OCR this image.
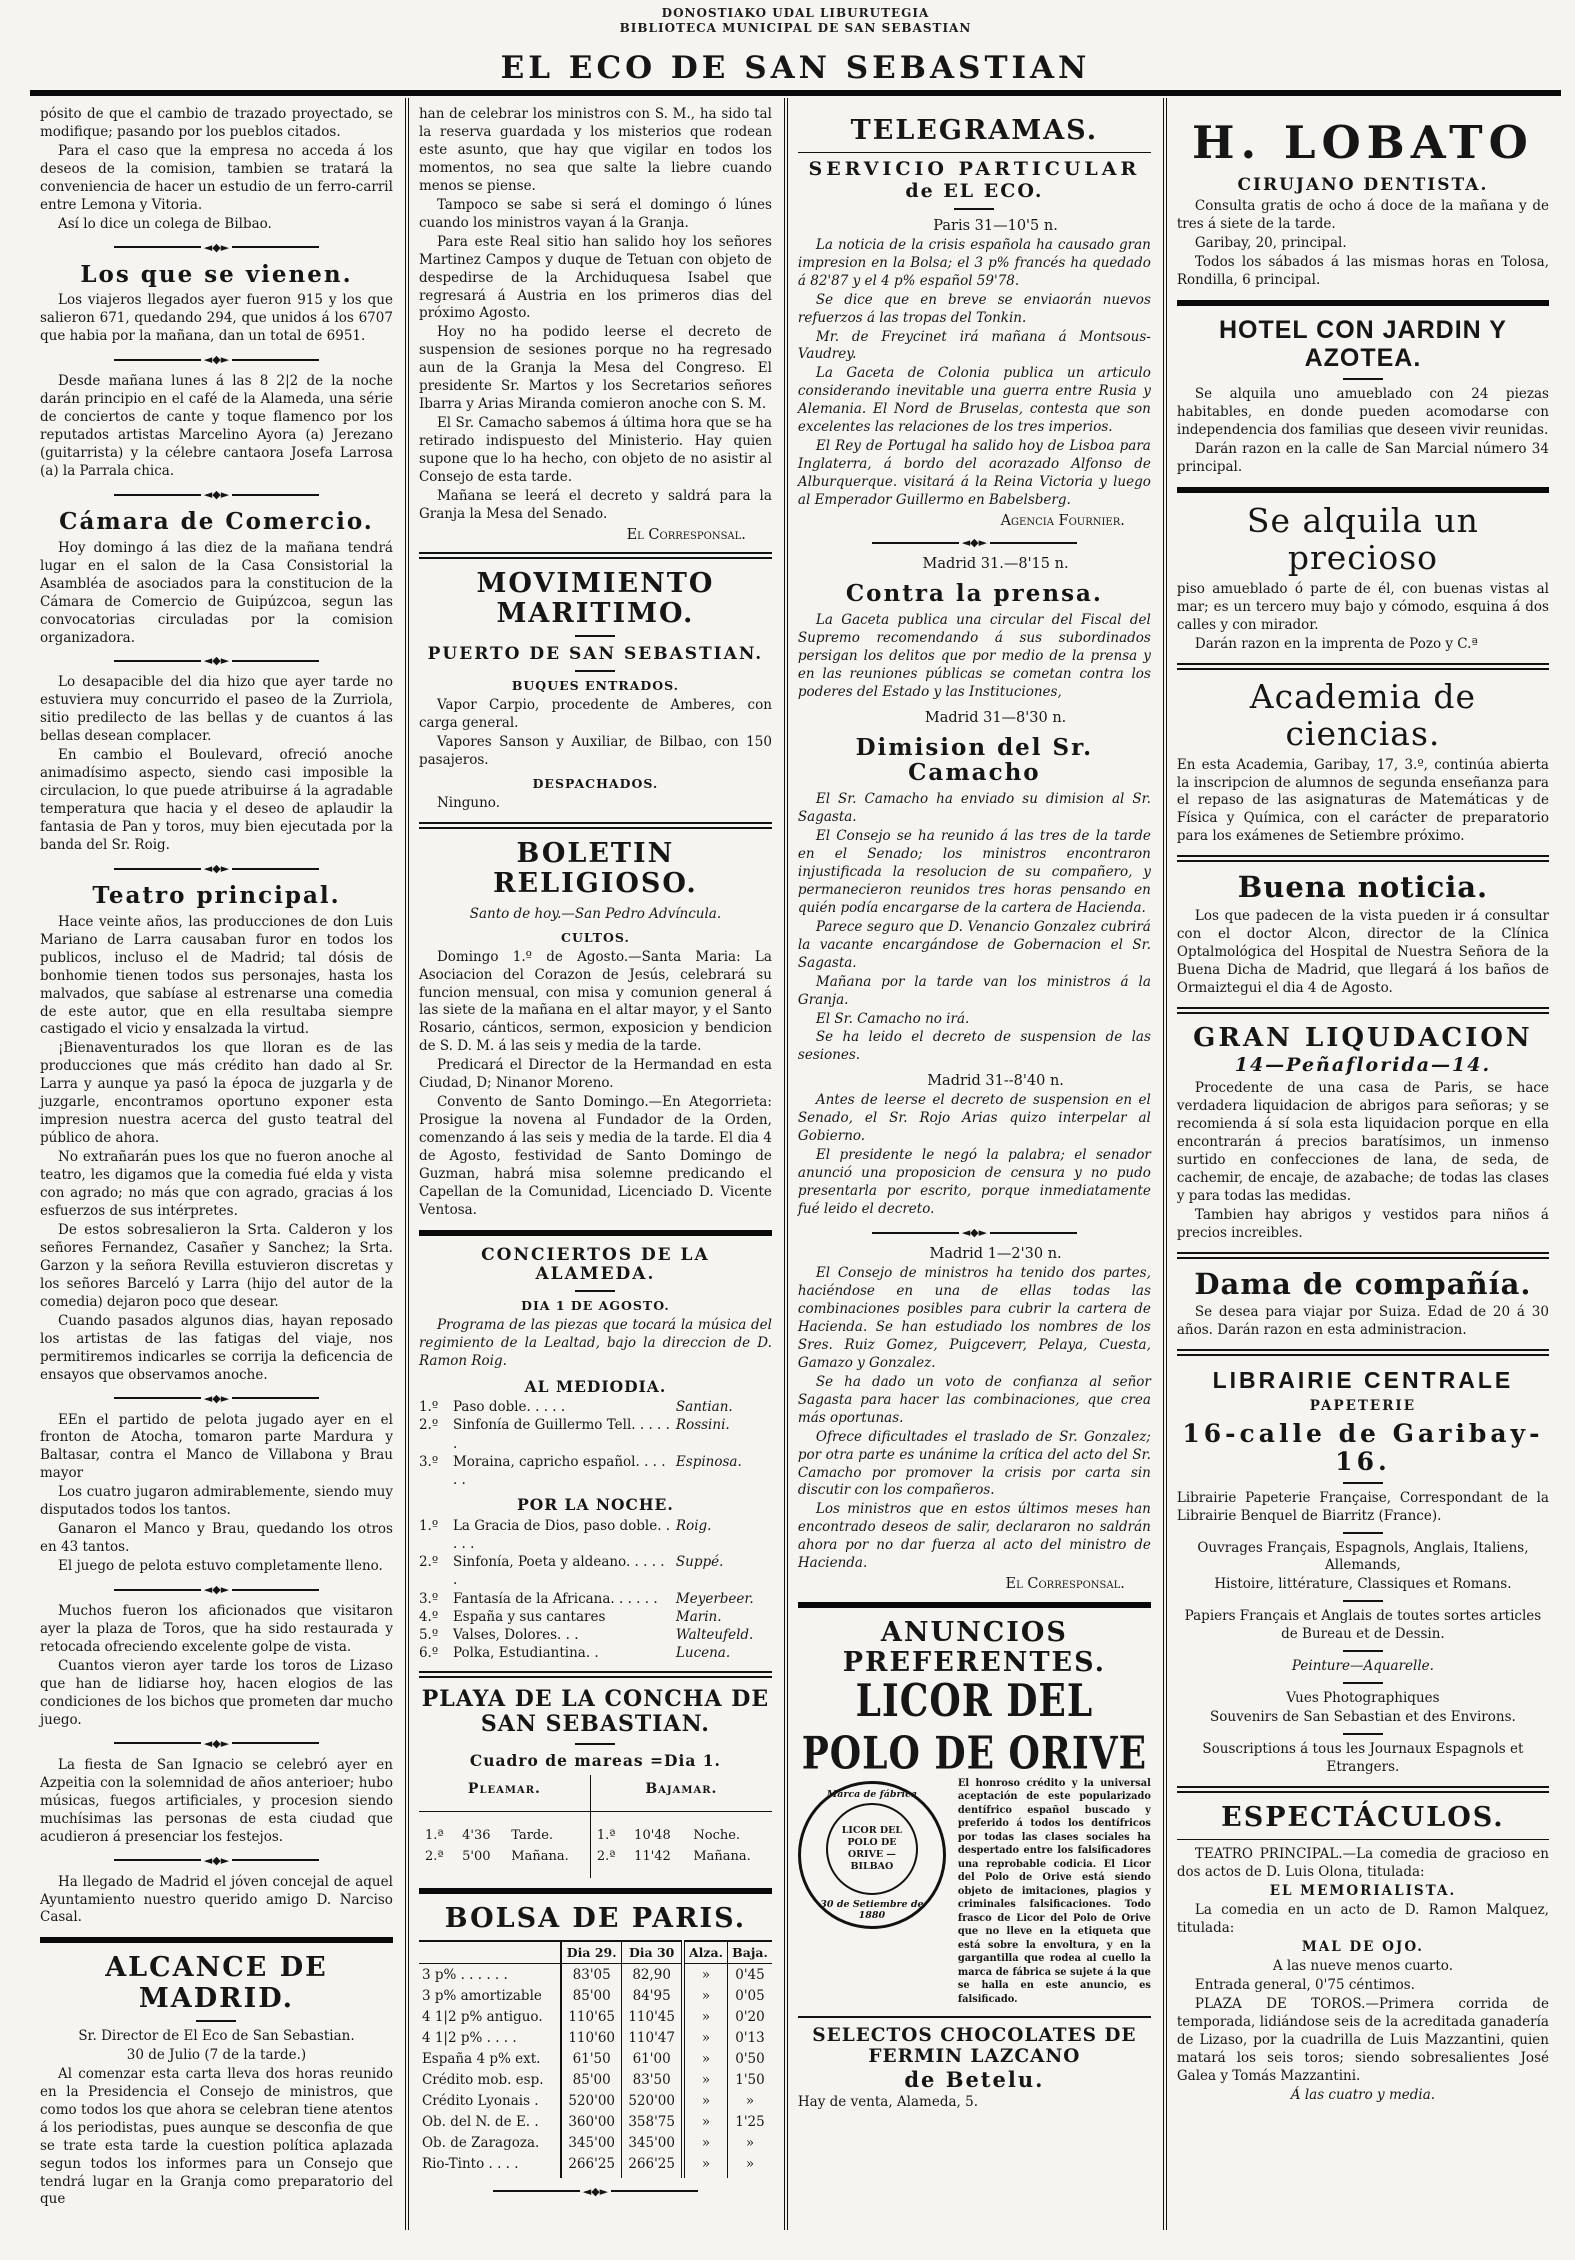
DONOSTIAKO UDAL LIBURUTEGIA
BIBLIOTECA MUNICIPAL DE SAN SEBASTIAN
EL ECO DE SAN SEBASTIAN

pósito de que el cambio de trazado proyectado, se modifique; pasando por los pueblos citados.

Para el caso que la empresa no acceda á los deseos de la comision, tambien se tratará la conveniencia de hacer un estudio de un ferro-carril entre Lemona y Vitoria.

Así lo dice un colega de Bilbao.

◄◆►
Los que se vienen.

Los viajeros llegados ayer fueron 915 y los que salieron 671, quedando 294, que unidos á los 6707 que habia por la mañana, dan un total de 6951.

◄◆►

Desde mañana lunes á las 8 2|2 de la noche darán principio en el café de la Alameda, una série de conciertos de cante y toque flamenco por los reputados artistas Marcelino Ayora (a) Jerezano (guitarrista) y la célebre cantaora Josefa Larrosa (a) la Parrala chica.

◄◆►
Cámara de Comercio.

Hoy domingo á las diez de la mañana tendrá lugar en el salon de la Casa Consistorial la Asambléa de asociados para la constitucion de la Cámara de Comercio de Guipúzcoa, segun las convocatorias circuladas por la comision organizadora.

◄◆►

Lo desapacible del dia hizo que ayer tarde no estuviera muy concurrido el paseo de la Zurriola, sitio predilecto de las bellas y de cuantos á las bellas desean complacer.

En cambio el Boulevard, ofreció anoche animadísimo aspecto, siendo casi imposible la circulacion, lo que puede atribuirse á la agradable temperatura que hacia y el deseo de aplaudir la fantasia de Pan y toros, muy bien ejecutada por la banda del Sr. Roig.

◄◆►
Teatro principal.

Hace veinte años, las producciones de don Luis Mariano de Larra causaban furor en todos los publicos, incluso el de Madrid; tal dósis de bonhomie tienen todos sus personajes, hasta los malvados, que sabíase al estrenarse una comedia de este autor, que en ella resultaba siempre castigado el vicio y ensalzada la virtud.

¡Bienaventurados los que lloran es de las producciones que más crédito han dado al Sr. Larra y aunque ya pasó la época de juzgarla y de juzgarle, encontramos oportuno exponer esta impresion nuestra acerca del gusto teatral del público de ahora.

No extrañarán pues los que no fueron anoche al teatro, les digamos que la comedia fué elda y vista con agrado; no más que con agrado, gracias á los esfuerzos de sus intérpretes.

De estos sobresalieron la Srta. Calderon y los señores Fernandez, Casañer y Sanchez; la Srta. Garzon y la señora Revilla estuvieron discretas y los señores Barceló y Larra (hijo del autor de la comedia) dejaron poco que desear.

Cuando pasados algunos dias, hayan reposado los artistas de las fatigas del viaje, nos permitiremos indicarles se corrija la deficencia de ensayos que observamos anoche.

◄◆►

EEn el partido de pelota jugado ayer en el fronton de Atocha, tomaron parte Mardura y Baltasar, contra el Manco de Villabona y Brau mayor

Los cuatro jugaron admirablemente, siendo muy disputados todos los tantos.

Ganaron el Manco y Brau, quedando los otros en 43 tantos.

El juego de pelota estuvo completamente lleno.

◄◆►

Muchos fueron los aficionados que visitaron ayer la plaza de Toros, que ha sido restaurada y retocada ofreciendo excelente golpe de vista.

Cuantos vieron ayer tarde los toros de Lizaso que han de lidiarse hoy, hacen elogios de las condiciones de los bichos que prometen dar mucho juego.

◄◆►

La fiesta de San Ignacio se celebró ayer en Azpeitia con la solemnidad de años anterioer; hubo músicas, fuegos artificiales, y procesion siendo muchísimas las personas de esta ciudad que acudieron á presenciar los festejos.

◄◆►

Ha llegado de Madrid el jóven concejal de aquel Ayuntamiento nuestro querido amigo D. Narciso Casal.

ALCANCE DE MADRID.

Sr. Director de El Eco de San Sebastian.

30 de Julio (7 de la tarde.)

Al comenzar esta carta lleva dos horas reunido en la Presidencia el Consejo de ministros, que como todos los que ahora se celebran tiene atentos á los periodistas, pues aunque se desconfia de que se trate esta tarde la cuestion política aplazada segun todos los informes para un Consejo que tendrá lugar en la Granja como preparatorio del que

han de celebrar los ministros con S. M., ha sido tal la reserva guardada y los misterios que rodean este asunto, que hay que vigilar en todos los momentos, no sea que salte la liebre cuando menos se piense.

Tampoco se sabe si será el domingo ó lúnes cuando los ministros vayan á la Granja.

Para este Real sitio han salido hoy los señores Martinez Campos y duque de Tetuan con objeto de despedirse de la Archiduquesa Isabel que regresará á Austria en los primeros dias del próximo Agosto.

Hoy no ha podido leerse el decreto de suspension de sesiones porque no ha regresado aun de la Granja la Mesa del Congreso. El presidente Sr. Martos y los Secretarios señores Ibarra y Arias Miranda comieron anoche con S. M.

El Sr. Camacho sabemos á última hora que se ha retirado indispuesto del Ministerio. Hay quien supone que lo ha hecho, con objeto de no asistir al Consejo de esta tarde.

Mañana se leerá el decreto y saldrá para la Granja la Mesa del Senado.

El Corresponsal.
MOVIMIENTO MARITIMO.
PUERTO DE SAN SEBASTIAN.
BUQUES ENTRADOS.

Vapor Carpio, procedente de Amberes, con carga general.

Vapores Sanson y Auxiliar, de Bilbao, con 150 pasajeros.

DESPACHADOS.

Ninguno.

BOLETIN RELIGIOSO.

Santo de hoy.—San Pedro Advíncula.

CULTOS.

Domingo 1.º de Agosto.—Santa Maria: La Asociacion del Corazon de Jesús, celebrará su funcion mensual, con misa y comunion general á las siete de la mañana en el altar mayor, y el Santo Rosario, cánticos, sermon, exposicion y bendicion de S. D. M. á las seis y media de la tarde.

Predicará el Director de la Hermandad en esta Ciudad, D; Ninanor Moreno.

Convento de Santo Domingo.—En Ategorrieta: Prosigue la novena al Fundador de la Orden, comenzando á las seis y media de la tarde. El dia 4 de Agosto, festividad de Santo Domingo de Guzman, habrá misa solemne predicando el Capellan de la Comunidad, Licenciado D. Vicente Ventosa.

CONCIERTOS DE LA ALAMEDA.
DIA 1 DE AGOSTO.

Programa de las piezas que tocará la música del regimiento de la Lealtad, bajo la direccion de D. Ramon Roig.

AL MEDIODIA.
1.º	Paso doble. . . . .	Santian.
2.º	Sinfonía de Guillermo Tell. . . . . .
Rossini.
3.º	Moraina, capricho español. . . . . .
Espinosa.
POR LA NOCHE.
1.º	La Gracia de Dios, paso doble. . . . .
Roig.
2.º	Sinfonía, Poeta y aldeano. . . . . .
Suppé.
3.º	Fantasía de la Africana. . . . . .	Meyerbeer.
4.º	España y sus cantares	Marin.
5.º	Valses, Dolores. . .	Walteufeld.
6.º	Polka, Estudiantina. .	Lucena.
PLAYA DE LA CONCHA DE SAN SEBASTIAN.
Cuadro de mareas =Dia 1.
Pleamar.			Bajamar.		
1.ª	4'36	Tarde.	1.ª	10'48	Noche.
2.ª	5'00	Mañana.	2.ª	11'42	Mañana.
BOLSA DE PARIS.
	Dia 29.	Dia 30	Alza.	Baja.
3 p% . . . . . .	83'05	82,90	»	0'45
3 p% amortizable	85'00	84'95	»	0'05
4 1|2 p% antiguo.	110'65	110'45	»	0'20
4 1|2 p% . . . .	110'60	110'47	»	0'13
España 4 p% ext.	61'50	61'00	»	0'50
Crédito mob. esp.	85'00	83'50	»	1'50
Crédito Lyonais .	520'00	520'00	»	»
Ob. del N. de E. .	360'00	358'75	»	1'25
Ob. de Zaragoza.	345'00	345'00	»	»
Rio-Tinto . . . .	266'25	266'25	»	»
◄◆►
TELEGRAMAS.
SERVICIO PARTICULAR
de EL ECO.
Paris 31—10'5 n.

La noticia de la crisis española ha causado gran impresion en la Bolsa; el 3 p% francés ha quedado á 82'87 y el 4 p% español 59'78.

Se dice que en breve se enviaorán nuevos refuerzos á las tropas del Tonkin.

Mr. de Freycinet irá mañana á Montsous-Vaudrey.

La Gaceta de Colonia publica un articulo considerando inevitable una guerra entre Rusia y Alemania. El Nord de Bruselas, contesta que son excelentes las relaciones de los tres imperios.

El Rey de Portugal ha salido hoy de Lisboa para Inglaterra, á bordo del acorazado Alfonso de Alburquerque. visitará á la Reina Victoria y luego al Emperador Guillermo en Babelsberg.

Agencia Fournier.
◄◆►
Madrid 31.—8'15 n.
Contra la prensa.

La Gaceta publica una circular del Fiscal del Supremo recomendando á sus subordinados persigan los delitos que por medio de la prensa y en las reuniones públicas se cometan contra los poderes del Estado y las Instituciones,

Madrid 31—8'30 n.
Dimision del Sr. Camacho

El Sr. Camacho ha enviado su dimision al Sr. Sagasta.

El Consejo se ha reunido á las tres de la tarde en el Senado; los ministros encontraron injustificada la resolucion de su compañero, y permanecieron reunidos tres horas pensando en quién podía encargarse de la cartera de Hacienda.

Parece seguro que D. Venancio Gonzalez cubrirá la vacante encargándose de Gobernacion el Sr. Sagasta.

Mañana por la tarde van los ministros á la Granja.

El Sr. Camacho no irá.

Se ha leido el decreto de suspension de las sesiones.

Madrid 31--8'40 n.

Antes de leerse el decreto de suspension en el Senado, el Sr. Rojo Arias quizo interpelar al Gobierno.

El presidente le negó la palabra; el senador anunció una proposicion de censura y no pudo presentarla por escrito, porque inmediatamente fué leido el decreto.

◄◆►
Madrid 1—2'30 n.

El Consejo de ministros ha tenido dos partes, haciéndose en una de ellas todas las combinaciones posibles para cubrir la cartera de Hacienda. Se han estudiado los nombres de los Sres. Ruiz Gomez, Puigceverr, Pelaya, Cuesta, Gamazo y Gonzalez.

Se ha dado un voto de confianza al señor Sagasta para hacer las combinaciones, que crea más oportunas.

Ofrece dificultades el traslado de Sr. Gonzalez; por otra parte es unánime la crítica del acto del Sr. Camacho por promover la crisis por carta sin discutir con los compañeros.

Los ministros que en estos últimos meses han encontrado deseos de salir, declararon no saldrán ahora por no dar fuerza al acto del ministro de Hacienda.

El Corresponsal.
ANUNCIOS PREFERENTES.
LICOR DEL POLO DE ORIVE
Marca de fábrica
LICOR DEL POLO DE ORIVE — BILBAO
30 de Setiembre de 1880
El honroso crédito y la universal aceptación de este popularizado dentífrico español buscado y preferido á todos los dentífricos por todas las clases sociales ha despertado entre los falsificadores una reprobable codicia. El Licor del Polo de Orive está siendo objeto de imitaciones, plagios y criminales falsificaciones. Todo frasco de Licor del Polo de Orive que no lleve en la etiqueta que está sobre la envoltura, y en la gargantilla que rodea al cuello la marca de fábrica se sujete á la que se halla en este anuncio, es falsificado.
SELECTOS CHOCOLATES DE FERMIN LAZCANO
de Betelu.

Hay de venta, Alameda, 5.

H. LOBATO
CIRUJANO DENTISTA.

Consulta gratis de ocho á doce de la mañana y de tres á siete de la tarde.

Garibay, 20, principal.

Todos los sábados á las mismas horas en Tolosa, Rondilla, 6 principal.

HOTEL CON JARDIN Y AZOTEA.

Se alquila uno amueblado con 24 piezas habitables, en donde pueden acomodarse con independencia dos familias que deseen vivir reunidas.

Darán razon en la calle de San Marcial número 34 principal.

Se alquila un precioso

piso amueblado ó parte de él, con buenas vistas al mar; es un tercero muy bajo y cómodo, esquina á dos calles y con mirador.

Darán razon en la imprenta de Pozo y C.ª

Academia de ciencias.

En esta Academia, Garibay, 17, 3.º, continúa abierta la inscripcion de alumnos de segunda enseñanza para el repaso de las asignaturas de Matemáticas y de Física y Química, con el carácter de preparatorio para los exámenes de Setiembre próximo.

Buena noticia.

Los que padecen de la vista pueden ir á consultar con el doctor Alcon, director de la Clínica Optalmológica del Hospital de Nuestra Señora de la Buena Dicha de Madrid, que llegará á los baños de Ormaiztegui el dia 4 de Agosto.

GRAN LIQUDACION
14—Peñaflorida—14.

Procedente de una casa de Paris, se hace verdadera liquidacion de abrigos para señoras; y se recomienda á sí sola esta liquidacion porque en ella encontrarán á precios baratísimos, un inmenso surtido en confecciones de lana, de seda, de cachemir, de encaje, de azabache; de todas las clases y para todas las medidas.

Tambien hay abrigos y vestidos para niños á precios increibles.

Dama de compañía.

Se desea para viajar por Suiza. Edad de 20 á 30 años. Darán razon en esta administracion.

LIBRAIRIE CENTRALE

PAPETERIE

16-calle de Garibay-16.

Librairie Papeterie Française, Correspondant de la Librairie Benquel de Biarritz (France).

Ouvrages Français, Espagnols, Anglais, Italiens, Allemands,

Histoire, littérature, Classiques et Romans.

Papiers Français et Anglais de toutes sortes articles de Bureau et de Dessin.

Peinture—Aquarelle.

Vues Photographiques

Souvenirs de San Sebastian et des Environs.

Souscriptions á tous les Journaux Espagnols et Etrangers.

ESPECTÁCULOS.

TEATRO PRINCIPAL.—La comedia de gracioso en dos actos de D. Luis Olona, titulada:

EL MEMORIALISTA.

La comedia en un acto de D. Ramon Malquez, titulada:

MAL DE OJO.

A las nueve menos cuarto.

Entrada general, 0'75 céntimos.

PLAZA DE TOROS.—Primera corrida de temporada, lidiándose seis de la acreditada ganadería de Lizaso, por la cuadrilla de Luis Mazzantini, quien matará los seis toros; siendo sobresalientes José Galea y Tomás Mazzantini.

Á las cuatro y media.
